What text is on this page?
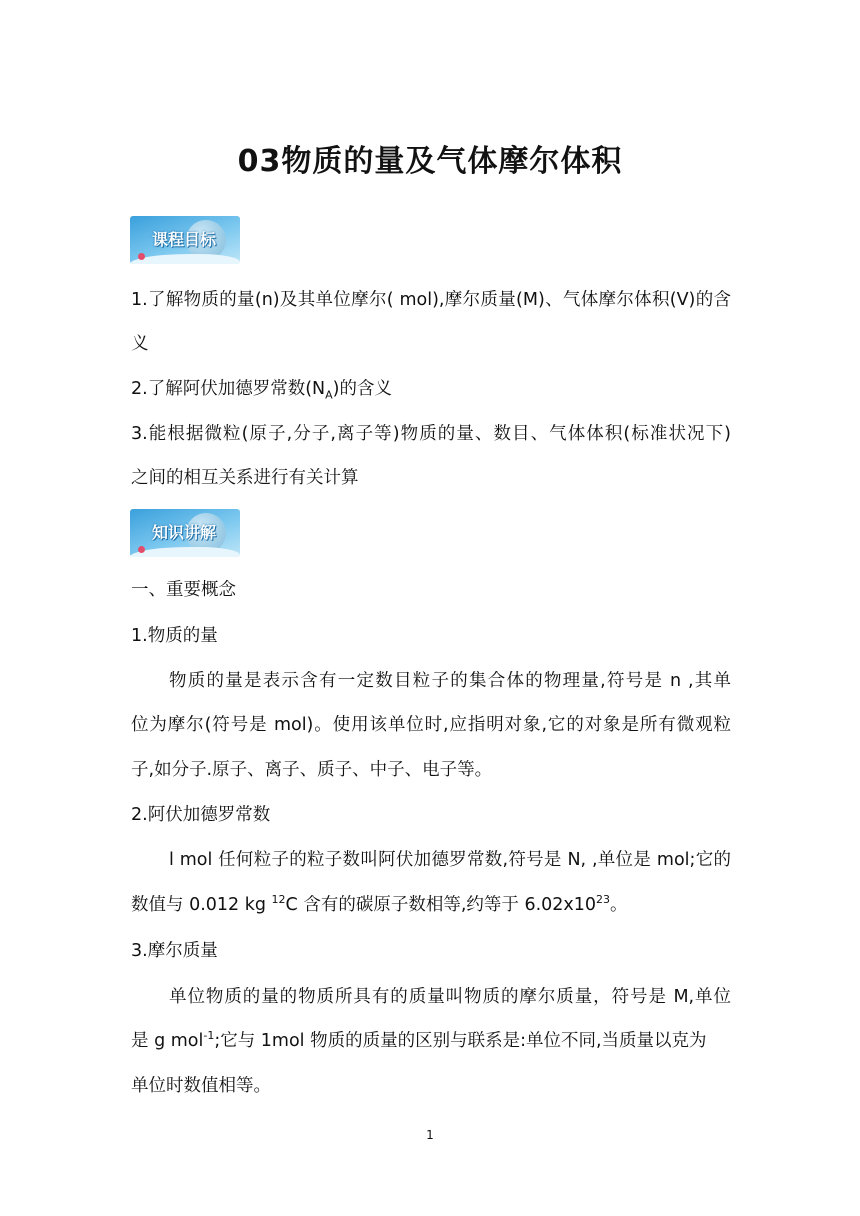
03物质的量及气体摩尔体积
课程目标
1.了解物质的量(n)及其单位摩尔( mol),摩尔质量(M)、气体摩尔体积(V)的含
义
2.了解阿伏加德罗常数$(N_A)$的含义
3.能根据微粒(原子,分子,离子等)物质的量、数目、气体体积(标准状况下)
之间的相互关系进行有关计算
知识讲解
一、重要概念
1.物质的量
物质的量是表示含有一定数目粒子的集合体的物理量,符号是 n ,其单
位为摩尔(符号是 mol)。使用该单位时,应指明对象,它的对象是所有微观粒
子,如分子.原子、离子、质子、中子、电子等。
2.阿伏加德罗常数
l mol 任何粒子的粒子数叫阿伏加德罗常数,符号是 N, ,单位是 mol;它的
数值与 0.012 kg $^{12}$C 含有的碳原子数相等,约等于 $6.02x10^{23}$。
3.摩尔质量
单位物质的量的物质所具有的质量叫物质的摩尔质量，符号是 M,单位
是 g mol$^{-1}$;它与 1mol 物质的质量的区别与联系是:单位不同,当质量以克为
单位时数值相等。
1
